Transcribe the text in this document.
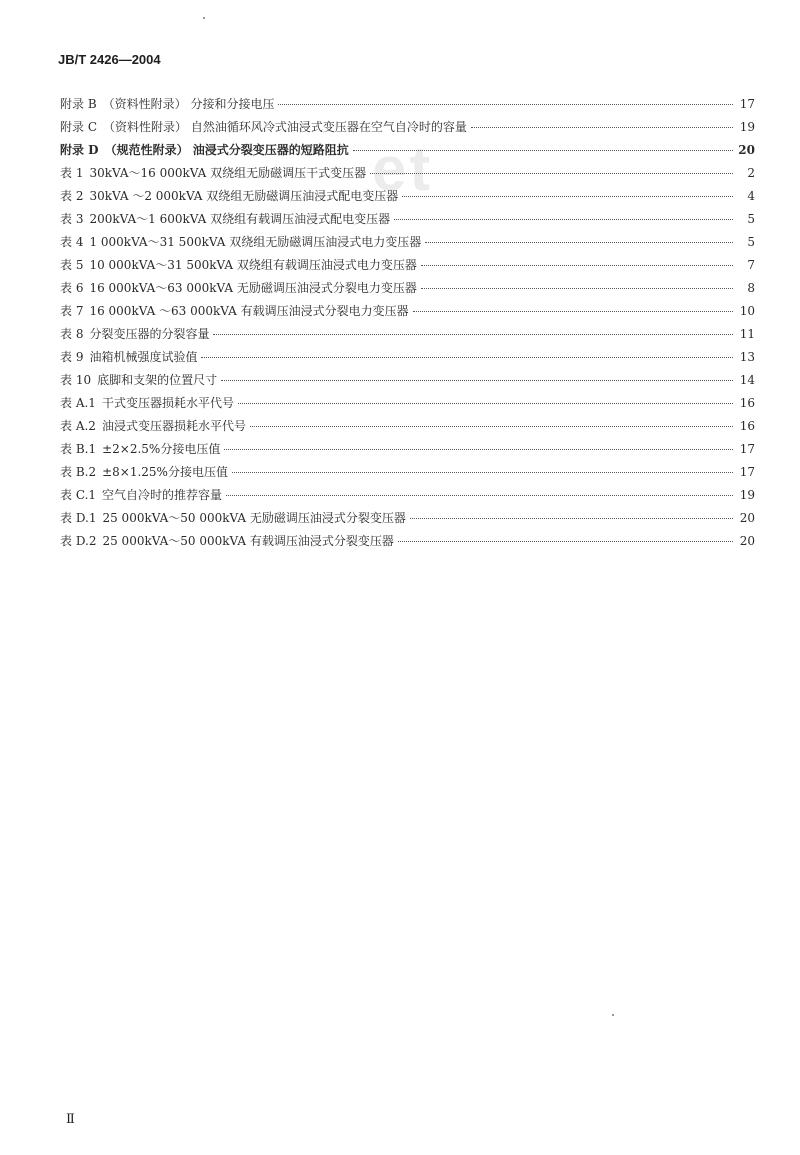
JB/T 2426—2004
et
附录 B （资料性附录） 分接和分接电压	17
附录 C （资料性附录） 自然油循环风冷式油浸式变压器在空气自冷时的容量	19
附录 D （规范性附录） 油浸式分裂变压器的短路阻抗	20
表 1 30kVA～16 000kVA 双绕组无励磁调压干式变压器	2
表 2 30kVA ～2 000kVA 双绕组无励磁调压油浸式配电变压器	4
表 3 200kVA～1 600kVA 双绕组有载调压油浸式配电变压器	5
表 4 1 000kVA～31 500kVA 双绕组无励磁调压油浸式电力变压器	5
表 5 10 000kVA～31 500kVA 双绕组有载调压油浸式电力变压器	7
表 6 16 000kVA～63 000kVA 无励磁调压油浸式分裂电力变压器	8
表 7 16 000kVA ～63 000kVA 有载调压油浸式分裂电力变压器	10
表 8 分裂变压器的分裂容量	11
表 9 油箱机械强度试验值	13
表 10 底脚和支架的位置尺寸	14
表 A.1 干式变压器损耗水平代号	16
表 A.2 油浸式变压器损耗水平代号	16
表 B.1 ±2×2.5%分接电压值	17
表 B.2 ±8×1.25%分接电压值	17
表 C.1 空气自冷时的推荐容量	19
表 D.1 25 000kVA～50 000kVA 无励磁调压油浸式分裂变压器	20
表 D.2 25 000kVA～50 000kVA 有载调压油浸式分裂变压器	20
Ⅱ
